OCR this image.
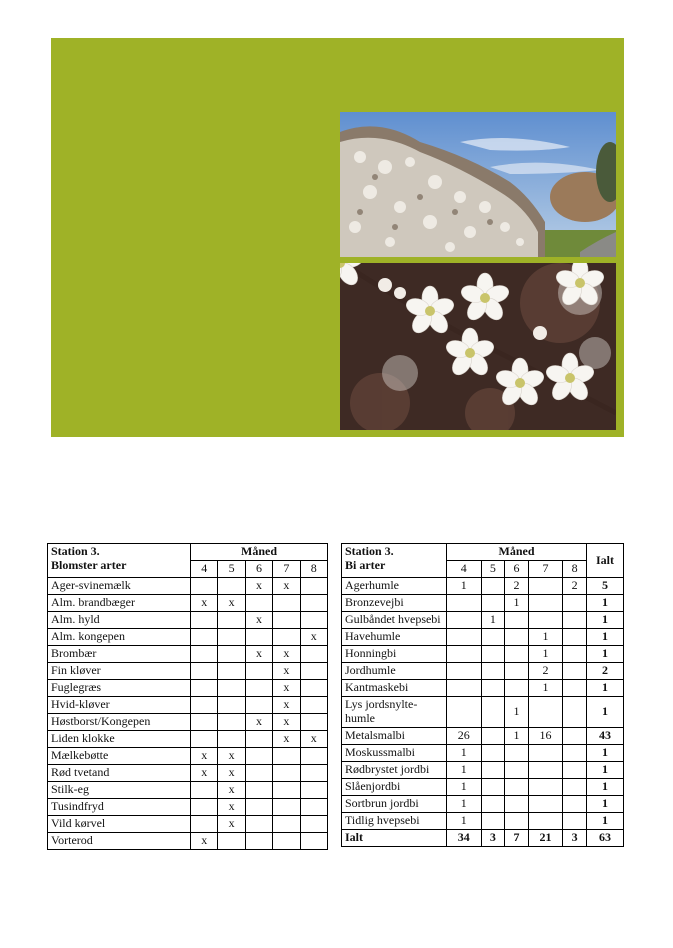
Station 3.
Blomster arter	Måned				
	4	5	6	7	8
Ager-svinemælk			x	x	
Alm. brandbæger	x	x			
Alm. hyld			x		
Alm. kongepen					x
Brombær			x	x	
Fin kløver				x	
Fuglegræs				x	
Hvid-kløver				x	
Høstborst/Kongepen			x	x	
Liden klokke				x	x
Mælkebøtte	x	x			
Rød tvetand	x	x			
Stilk-eg		x			
Tusindfryd		x			
Vild kørvel		x			
Vorterod	x				
Station 3.
Bi arter	Måned					Ialt
	4	5	6	7	8	
Agerhumle	1		2		2	5
Bronzevejbi			1			1
Gulbåndet hvepsebi		1				1
Havehumle				1		1
Honningbi				1		1
Jordhumle				2		2
Kantmaskebi				1		1
Lys jordsnylte-humle			1			1
Metalsmalbi	26		1	16		43
Moskussmalbi	1					1
Rødbrystet jordbi	1					1
Slåenjordbi	1					1
Sortbrun jordbi	1					1
Tidlig hvepsebi	1					1
Ialt	34	3	7	21	3	63
